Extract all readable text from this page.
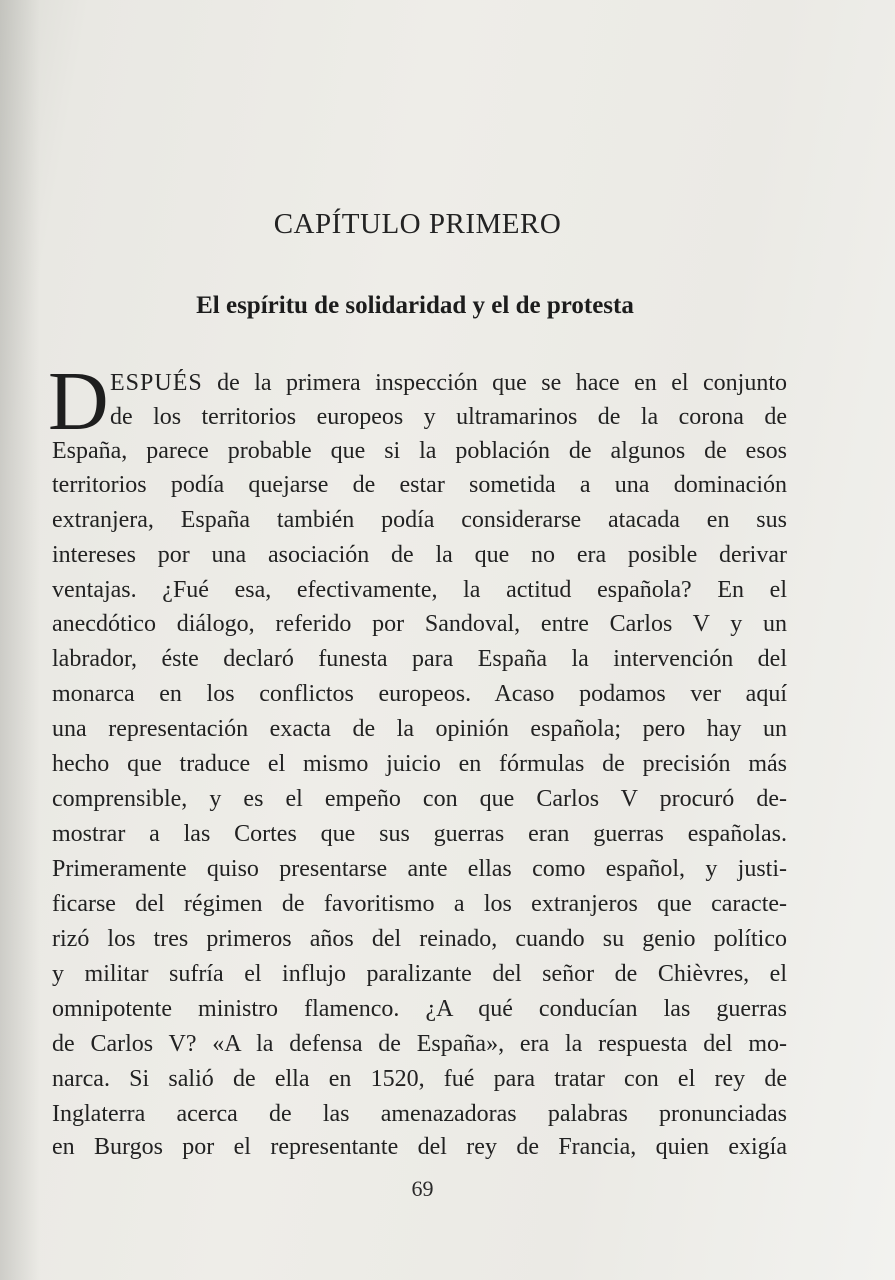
CAPÍTULO PRIMERO
El espíritu de solidaridad y el de protesta
D ESPUÉS de la primera inspección que se hace en el conjunto
de los territorios europeos y ultramarinos de la corona de
España, parece probable que si la población de algunos de esos
territorios podía quejarse de estar sometida a una dominación
extranjera, España también podía considerarse atacada en sus
intereses por una asociación de la que no era posible derivar
ventajas. ¿Fué esa, efectivamente, la actitud española? En el
anecdótico diálogo, referido por Sandoval, entre Carlos V y un
labrador, éste declaró funesta para España la intervención del
monarca en los conflictos europeos. Acaso podamos ver aquí
una representación exacta de la opinión española; pero hay un
hecho que traduce el mismo juicio en fórmulas de precisión más
comprensible, y es el empeño con que Carlos V procuró de-
mostrar a las Cortes que sus guerras eran guerras españolas.
Primeramente quiso presentarse ante ellas como español, y justi-
ficarse del régimen de favoritismo a los extranjeros que caracte-
rizó los tres primeros años del reinado, cuando su genio político
y militar sufría el influjo paralizante del señor de Chièvres, el
omnipotente ministro flamenco. ¿A qué conducían las guerras
de Carlos V? «A la defensa de España», era la respuesta del mo-
narca. Si salió de ella en 1520, fué para tratar con el rey de
Inglaterra acerca de las amenazadoras palabras pronunciadas
en Burgos por el representante del rey de Francia, quien exigía
69
